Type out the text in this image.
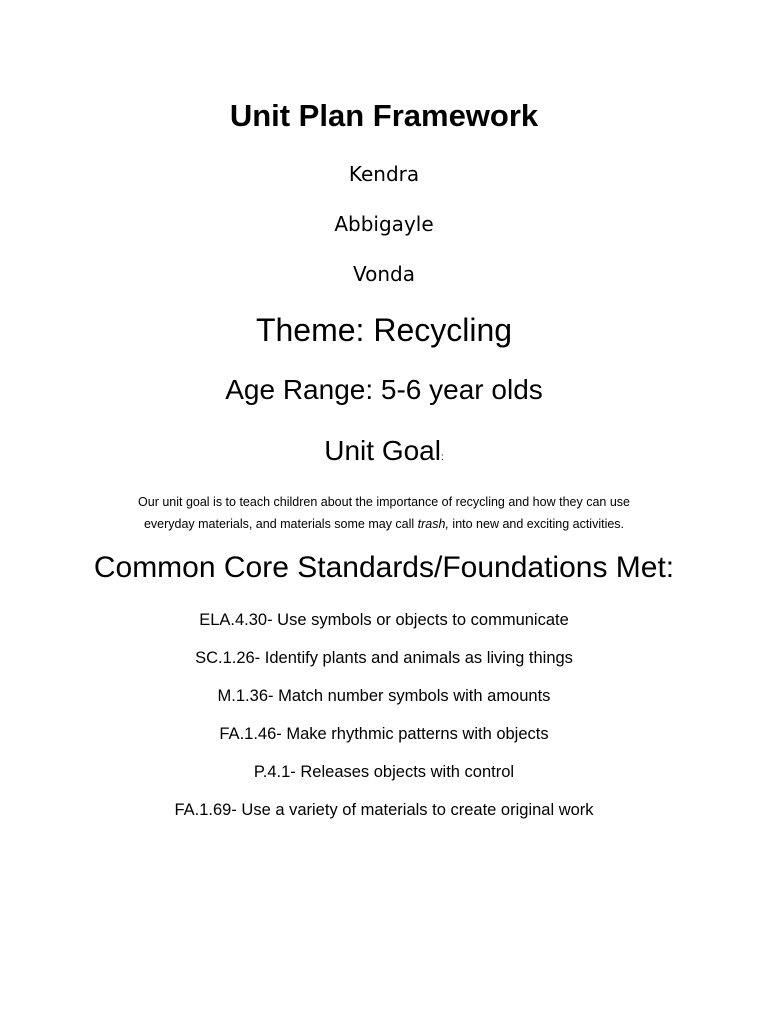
Unit Plan Framework
Kendra
Abbigayle
Vonda
Theme: Recycling
Age Range: 5-6 year olds
Unit Goal:
Our unit goal is to teach children about the importance of recycling and how they can use
everyday materials, and materials some may call trash, into new and exciting activities.
Common Core Standards/Foundations Met:
ELA.4.30- Use symbols or objects to communicate
SC.1.26- Identify plants and animals as living things
M.1.36- Match number symbols with amounts
FA.1.46- Make rhythmic patterns with objects
P.4.1- Releases objects with control
FA.1.69- Use a variety of materials to create original work
